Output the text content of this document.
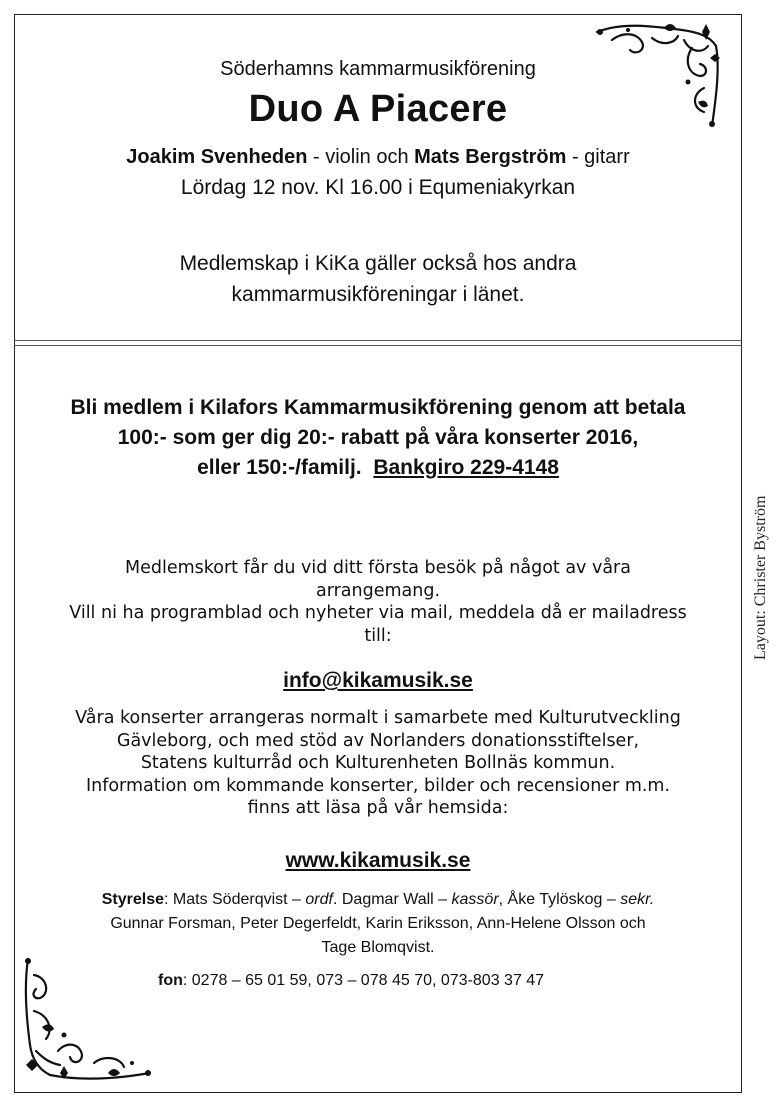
Söderhamns kammarmusikförening
Duo A Piacere
Joakim Svenheden - violin och Mats Bergström - gitarr
Lördag 12 nov. Kl 16.00 i Equmeniakyrkan
Medlemskap i KiKa gäller också hos andra
kammarmusikföreningar i länet.
Bli medlem i Kilafors Kammarmusikförening genom att betala
100:- som ger dig 20:- rabatt på våra konserter 2016,
eller 150:-/familj. Bankgiro 229-4148
Medlemskort får du vid ditt första besök på något av våra
arrangemang.
Vill ni ha programblad och nyheter via mail, meddela då er mailadress
till:
info@kikamusik.se
Våra konserter arrangeras normalt i samarbete med Kulturutveckling
Gävleborg, och med stöd av Norlanders donationsstiftelser,
Statens kulturråd och Kulturenheten Bollnäs kommun.
Information om kommande konserter, bilder och recensioner m.m.
finns att läsa på vår hemsida:
www.kikamusik.se
Styrelse: Mats Söderqvist – ordf. Dagmar Wall – kassör, Åke Tylöskog – sekr.
Gunnar Forsman, Peter Degerfeldt, Karin Eriksson, Ann-Helene Olsson och
Tage Blomqvist.
fon: 0278 – 65 01 59, 073 – 078 45 70, 073-803 37 47
Layout: Christer Byström
